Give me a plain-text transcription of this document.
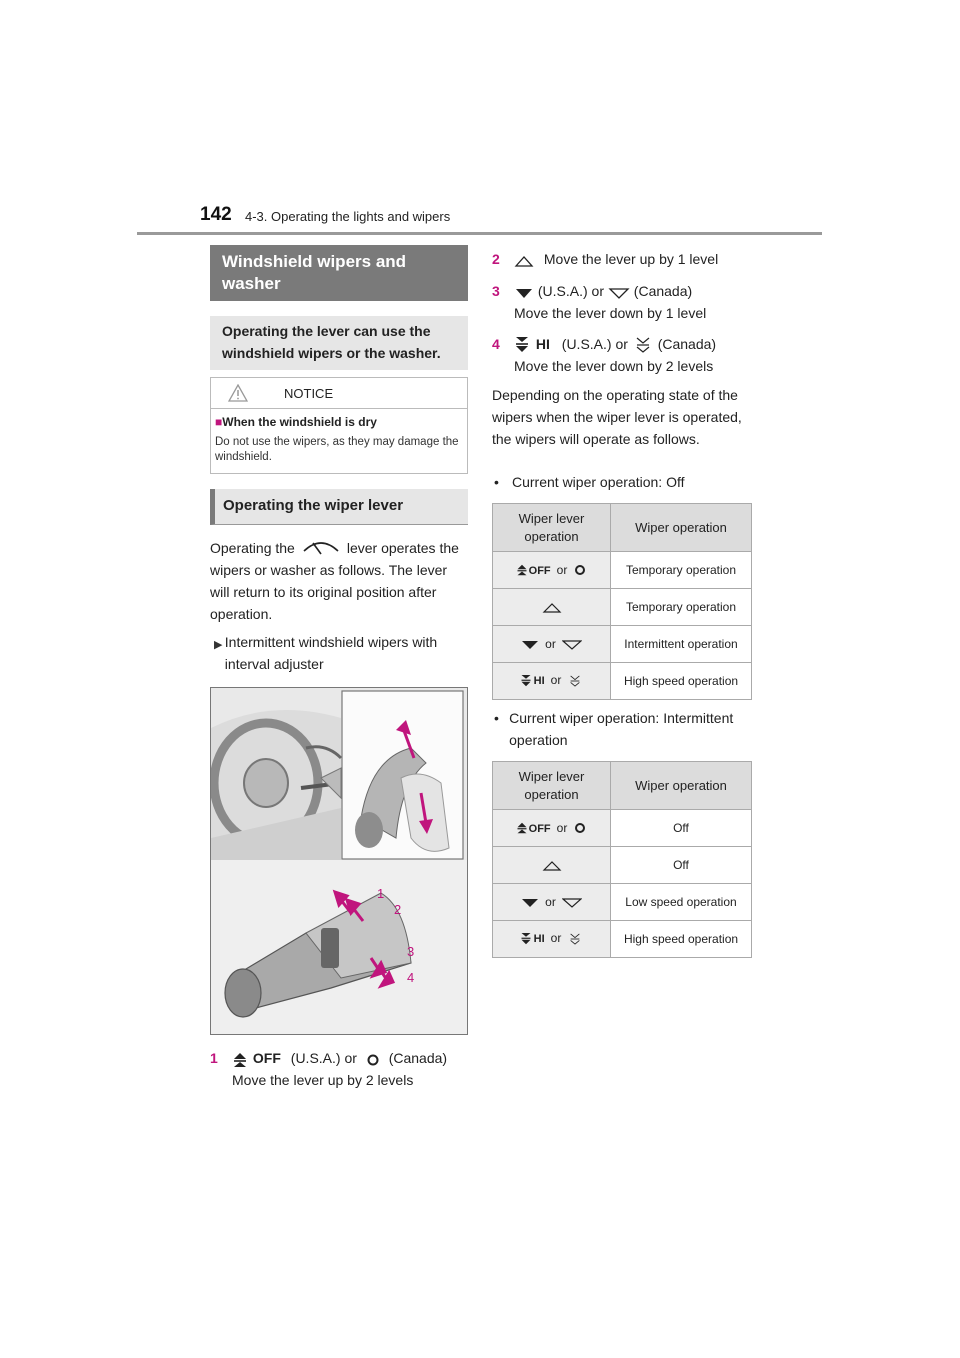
142 4-3. Operating the lights and wipers
Windshield wipers and washer
Operating the lever can use the windshield wipers or the washer.
NOTICE
■When the windshield is dry
Do not use the wipers, as they may damage the windshield.
Operating the wiper lever
Operating the	lever operates the wipers or washer as follows. The lever will return to its original position after operation.
▶ Intermittent windshield wipers with interval adjuster
1
2
3
4
1	OFF (U.S.A.) or (Canada)
Move the lever up by 2 levels
2	Move the lever up by 1 level
3	(U.S.A.) or (Canada)
Move the lever down by 1 level
4	HI (U.S.A.) or (Canada)
Move the lever down by 2 levels
Depending on the operating state of the wipers when the wiper lever is operated, the wipers will operate as follows.
• Current wiper operation: Off
Wiper lever operation	Wiper operation
OFF or	Temporary operation
	Temporary operation
or	Intermittent operation
HI or	High speed operation
• Current wiper operation: Intermittent operation
Wiper lever operation	Wiper operation
OFF or	Off
	Off
or	Low speed operation
HI or	High speed operation
